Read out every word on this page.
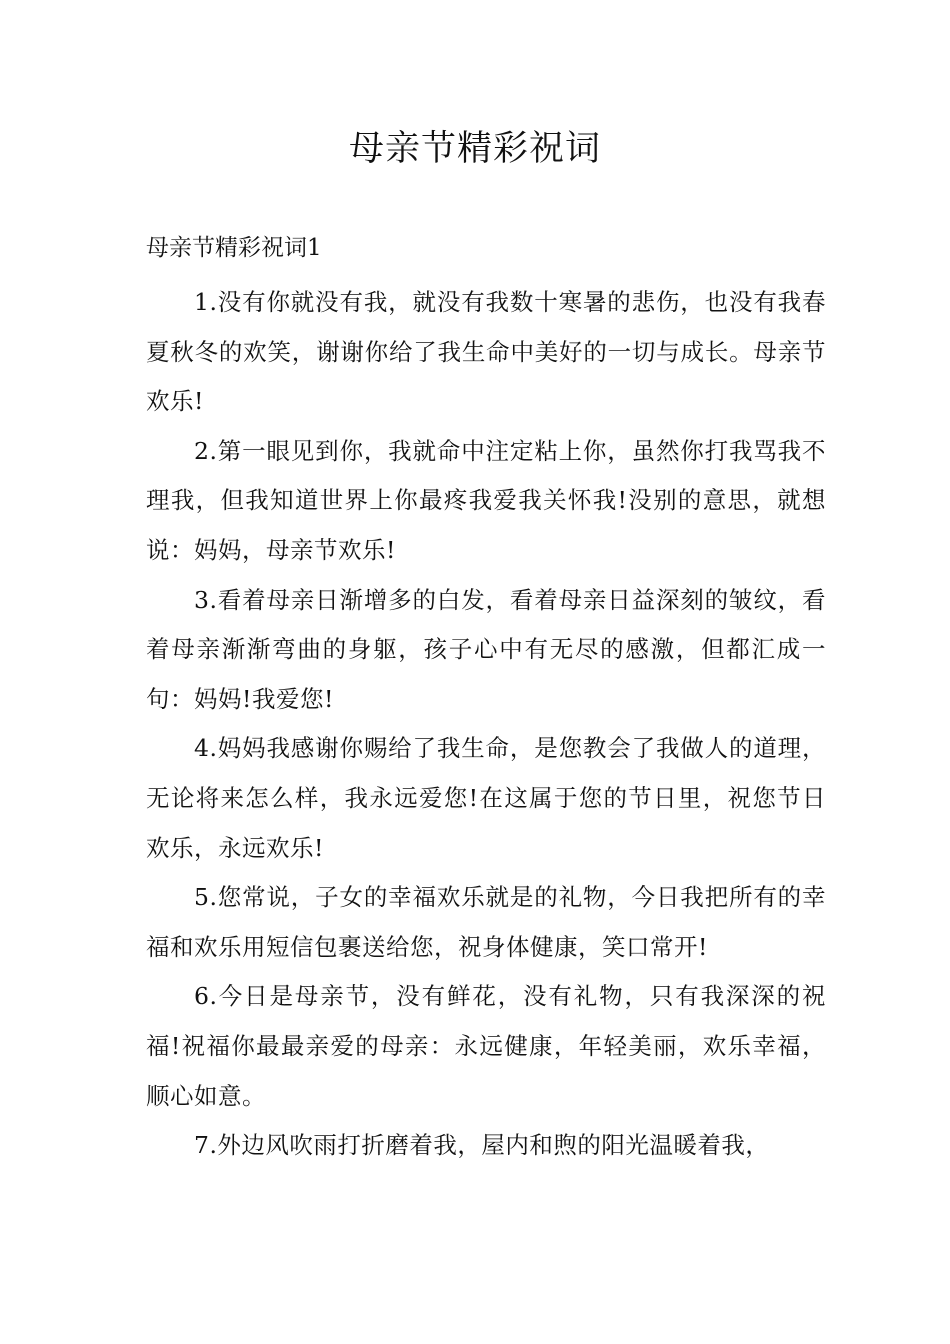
母亲节精彩祝词

母亲节精彩祝词1

1.没有你就没有我，就没有我数十寒暑的悲伤，也没有我春夏秋冬的欢笑，谢谢你给了我生命中美好的一切与成长。母亲节欢乐!

2.第一眼见到你，我就命中注定粘上你，虽然你打我骂我不理我，但我知道世界上你最疼我爱我关怀我!没别的意思，就想说：妈妈，母亲节欢乐!

3.看着母亲日渐增多的白发，看着母亲日益深刻的皱纹，看着母亲渐渐弯曲的身躯，孩子心中有无尽的感激，但都汇成一句：妈妈!我爱您!

4.妈妈我感谢你赐给了我生命，是您教会了我做人的道理，无论将来怎么样，我永远爱您!在这属于您的节日里，祝您节日欢乐，永远欢乐!

5.您常说，子女的幸福欢乐就是的礼物，今日我把所有的幸福和欢乐用短信包裹送给您，祝身体健康，笑口常开!

6.今日是母亲节，没有鲜花，没有礼物，只有我深深的祝福!祝福你最最亲爱的母亲：永远健康，年轻美丽，欢乐幸福，顺心如意。

7.外边风吹雨打折磨着我，屋内和煦的阳光温暖着我，
